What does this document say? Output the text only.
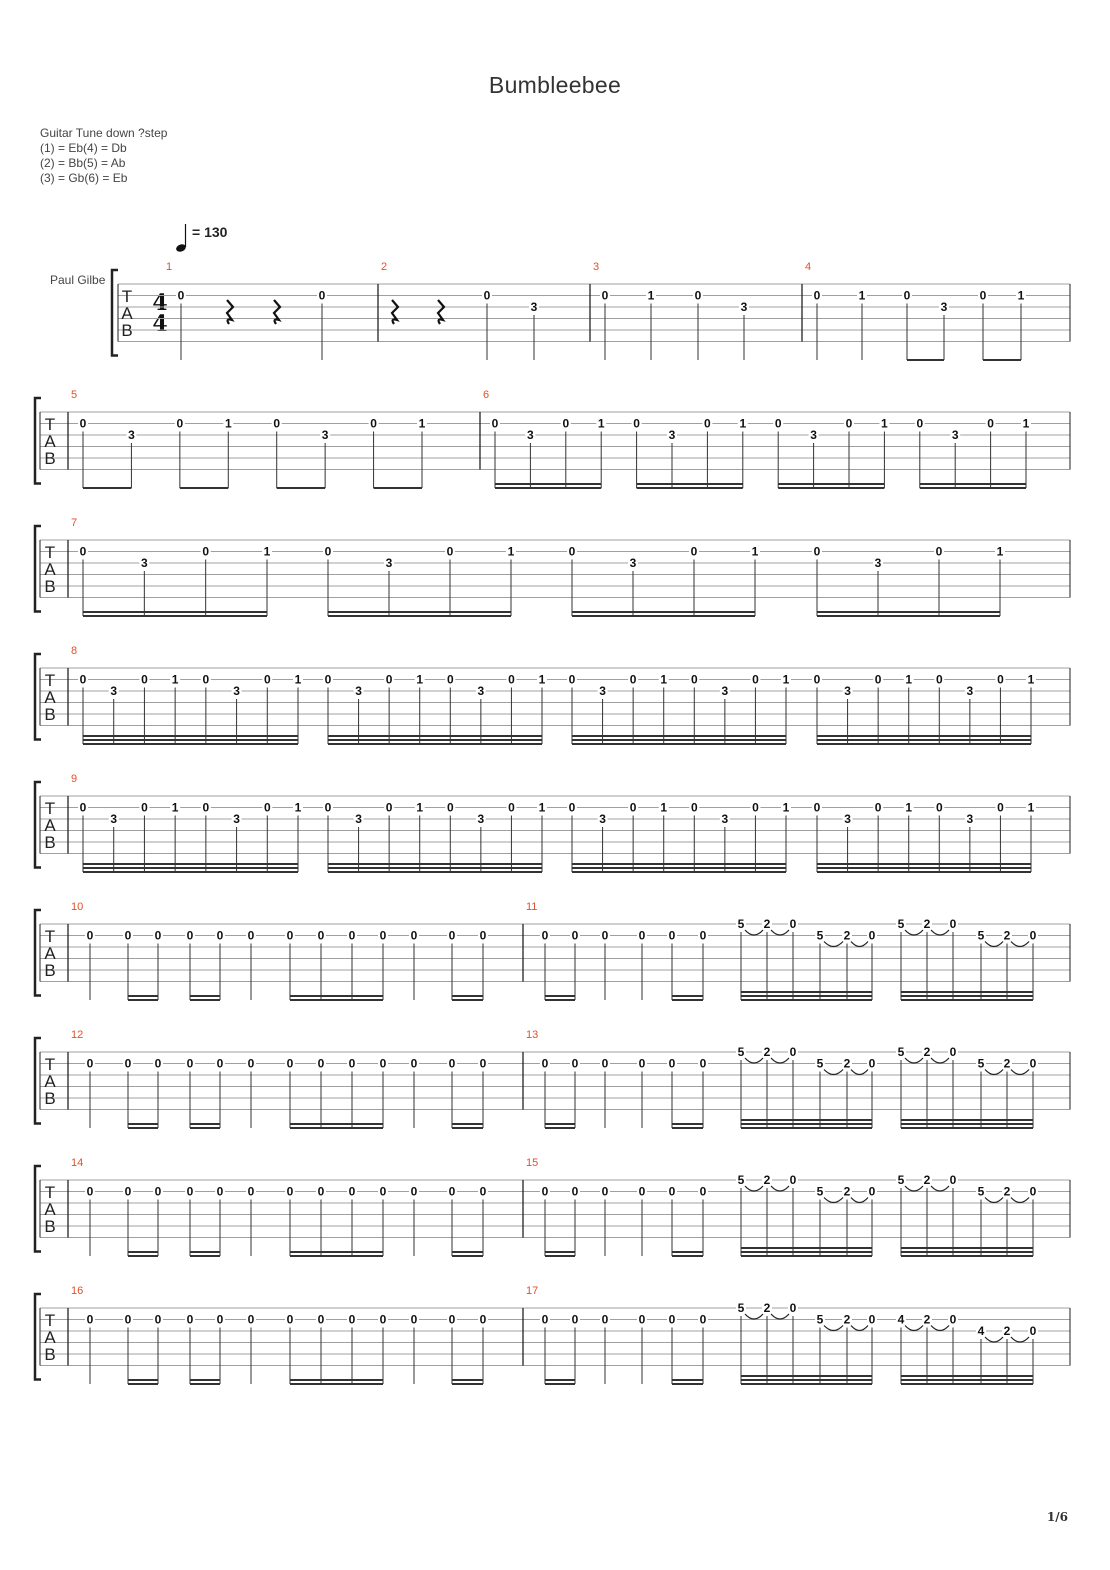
Bumbleebee
Guitar Tune down ?step
(1) = Eb(4) = Db
(2) = Bb(5) = Ab
(3) = Gb(6) = Eb
Paul Gilbe
4
4
= 130
T
A
B
1
0	0
2
0
3
3
0	1	0
3
4
0	1	0
3
0	1
T
A
B
5
0
3
0	1	0
3
0	1
6
0
3
0 1 0
3
0 1 0
3
0 1 0
3
0 1
T
A
B
7
0
3
0	1	0
3
0	1	0
3
0	1	0
3
0	1
T
A
B
8
0
3
0 1 0
3
0 1 0
3
0 1 0
3
0 1 0
3
0 1 0
3
0 1 0
3
0 1 0
3
0 1
T
A
B
9
0
3
0 1 0
3
0 1 0
3
0 1 0
3
0 1 0
3
0 1 0
3
0 1 0
3
0 1 0
3
0 1
T
A
B
10
0	0 0 0 0 0	0 0 0 0 0	0 0
11
0 0 0	0 0 0
5 2 0
5 2 0
5 2 0
5 2 0
T
A
B
12
0	0 0 0 0 0	0 0 0 0 0	0 0
13
0 0 0	0 0 0
5 2 0
5 2 0
5 2 0
5 2 0
T
A
B
14
0	0 0 0 0 0	0 0 0 0 0	0 0
15
0 0 0	0 0 0
5 2 0
5 2 0
5 2 0
5 2 0
T
A
B
16
0	0 0 0 0 0	0 0 0 0 0	0 0
17
0 0 0	0 0 0
5 2 0
5 2 0 4 2 0
4 2 0
1/6
